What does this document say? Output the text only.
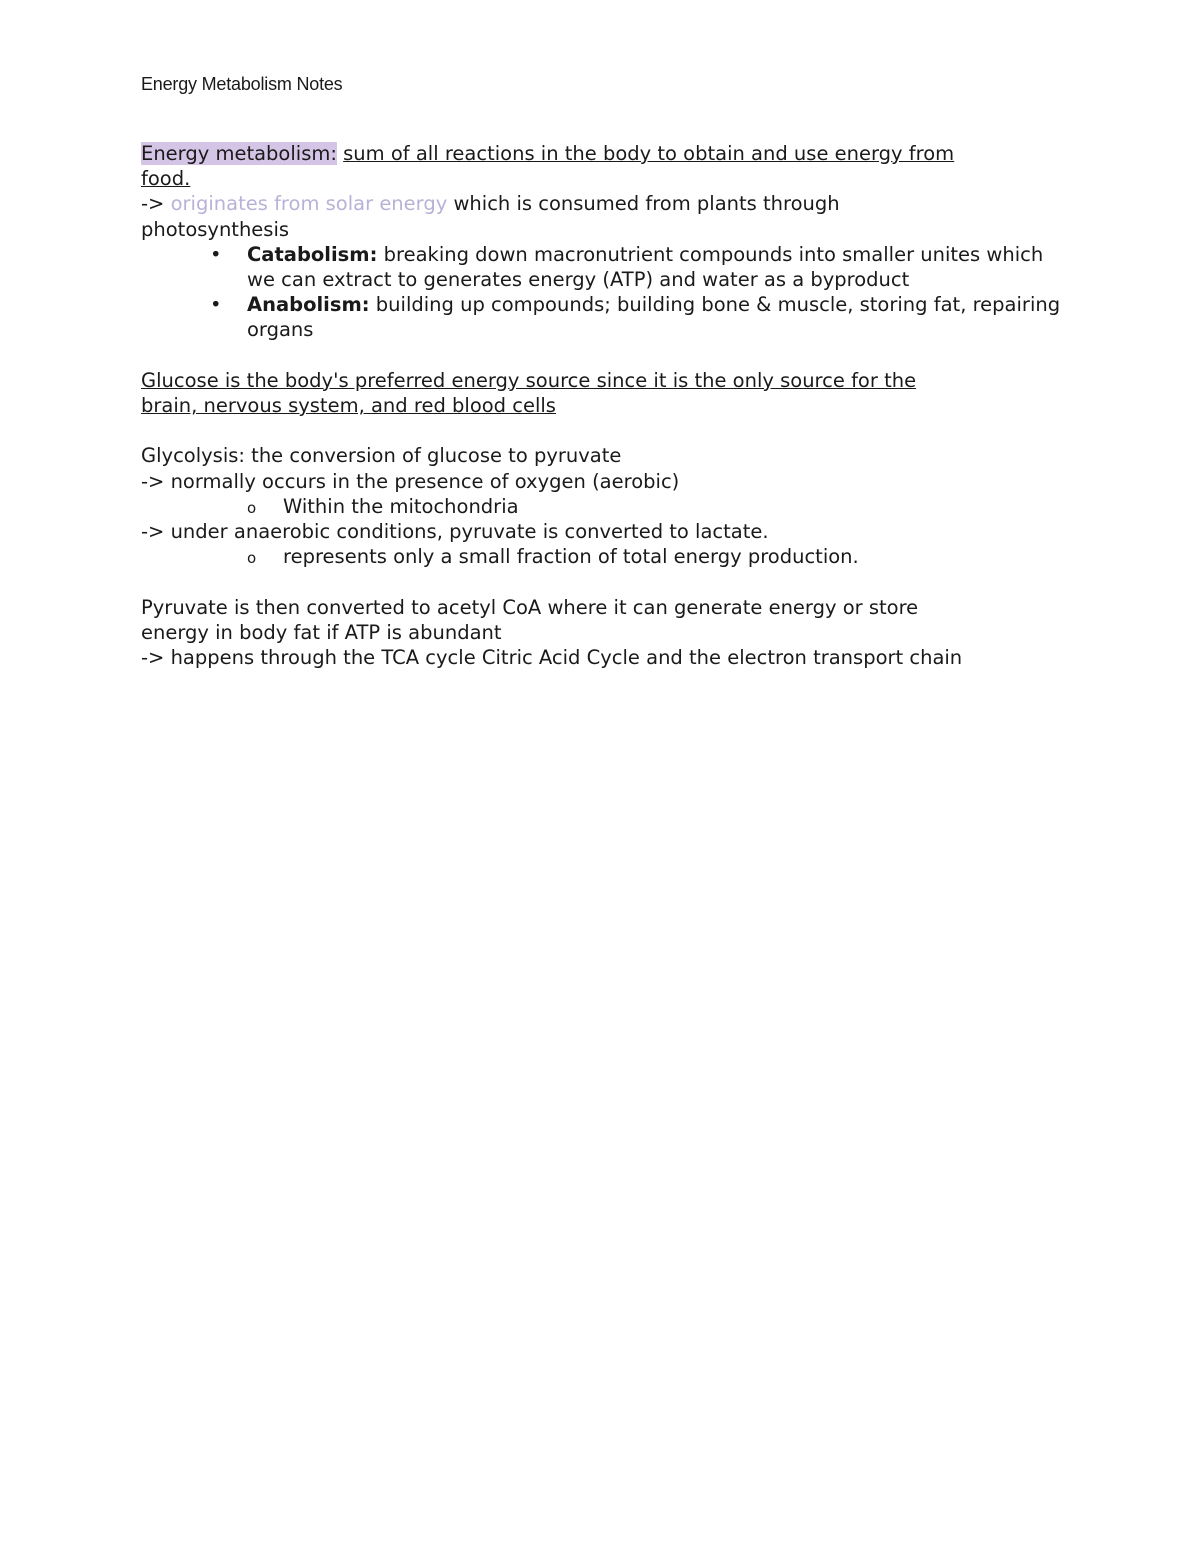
Energy Metabolism Notes
Energy metabolism: sum of all reactions in the body to obtain and use energy from
food.
-> originates from solar energy which is consumed from plants through
photosynthesis
• Catabolism: breaking down macronutrient compounds into smaller unites which we can extract to generates energy (ATP) and water as a byproduct
• Anabolism: building up compounds; building bone & muscle, storing fat, repairing organs
Glucose is the body's preferred energy source since it is the only source for the
brain, nervous system, and red blood cells
Glycolysis: the conversion of glucose to pyruvate
-> normally occurs in the presence of oxygen (aerobic)
o Within the mitochondria
-> under anaerobic conditions, pyruvate is converted to lactate.
o represents only a small fraction of total energy production.
Pyruvate is then converted to acetyl CoA where it can generate energy or store
energy in body fat if ATP is abundant
-> happens through the TCA cycle Citric Acid Cycle and the electron transport chain
